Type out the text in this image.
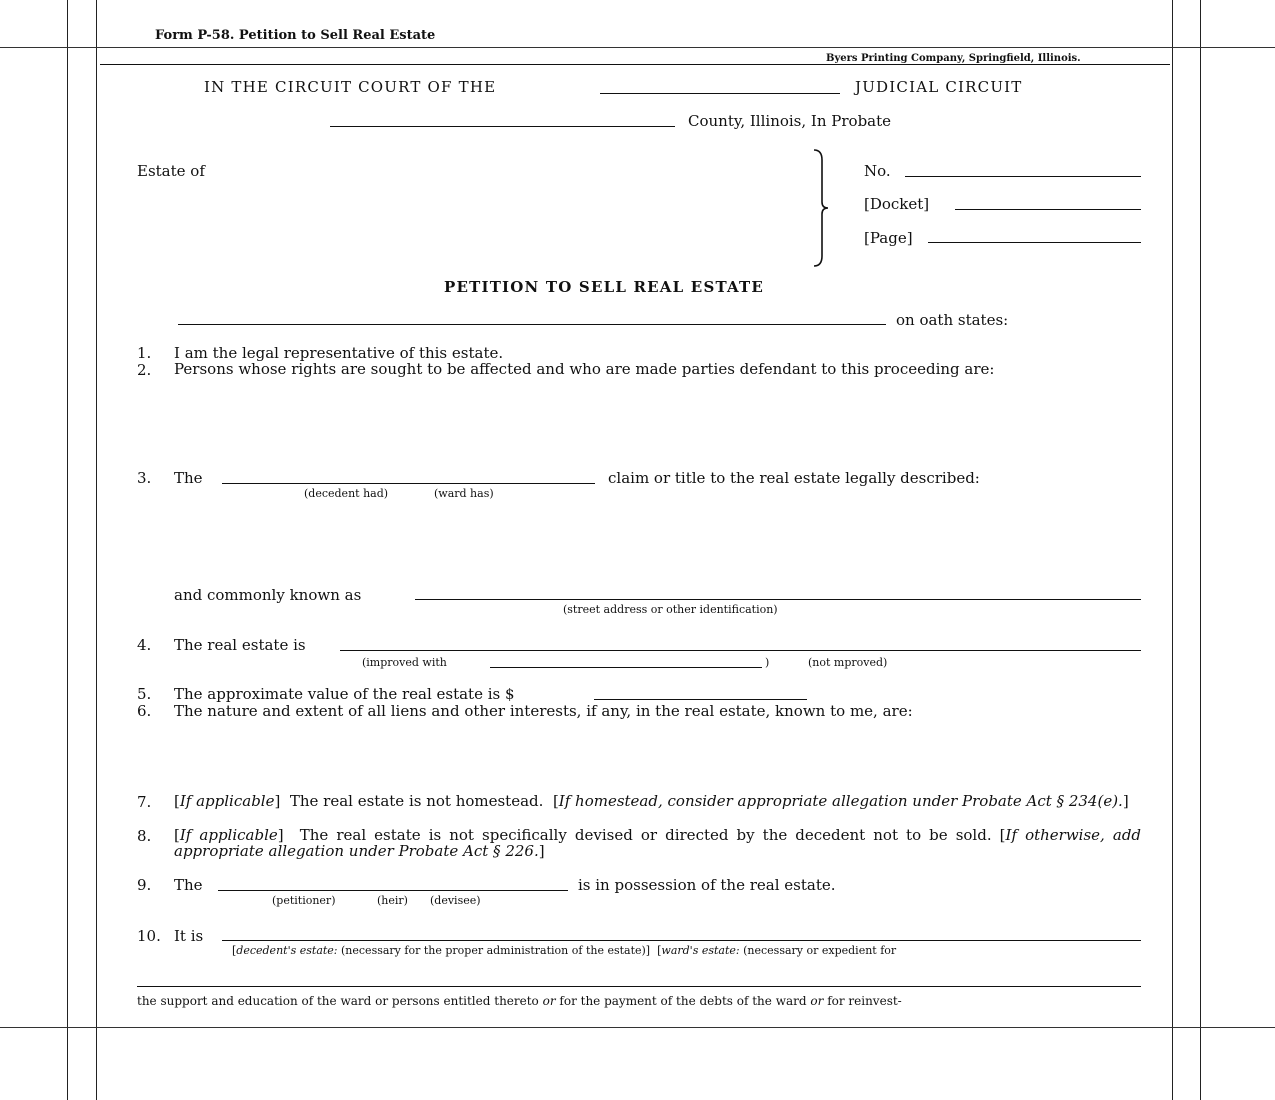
Form P-58. Petition to Sell Real Estate
Byers Printing Company, Springfield, Illinois.
IN THE CIRCUIT COURT OF THE	JUDICIAL CIRCUIT
County, Illinois, In Probate
Estate of	No.
[Docket]
[Page]
PETITION TO SELL REAL ESTATE
on oath states:
1. I am the legal representative of this estate.
2. Persons whose rights are sought to be affected and who are made parties defendant to this proceeding are:
3. The	claim or title to the real estate legally described:
(decedent had)	(ward has)
and commonly known as
(street address or other identification)
4. The real estate is
(improved with	)	(not mproved)
5. The approximate value of the real estate is $
6. The nature and extent of all liens and other interests, if any, in the real estate, known to me, are:
7. [If applicable]  The real estate is not homestead.  [If homestead, consider appropriate allegation under Probate Act § 234(e).]
8. [If applicable]  The real estate is not specifically devised or directed by the decedent not to be sold. [If otherwise, add appropriate allegation under Probate Act § 226.]
9. The	is in possession of the real estate.
(petitioner)	(heir) (devisee)
10. It is
[decedent's estate: (necessary for the proper administration of the estate)]  [ward's estate: (necessary or expedient for
the support and education of the ward or persons entitled thereto or for the payment of the debts of the ward or for reinvest-
